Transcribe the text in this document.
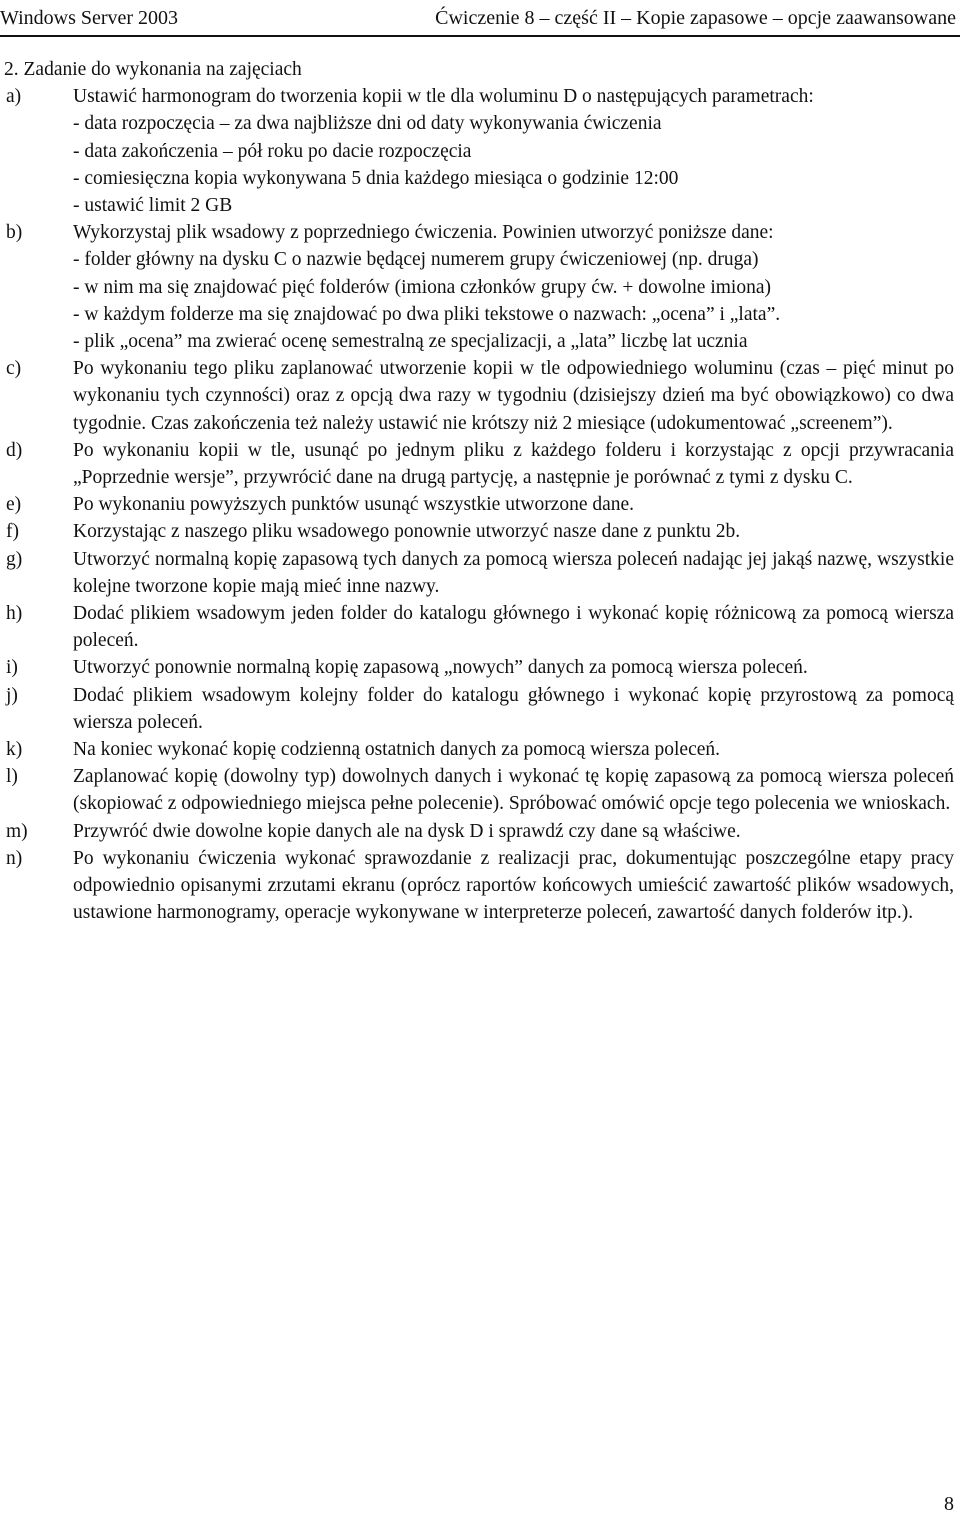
Windows Server 2003	Ćwiczenie 8 – część II – Kopie zapasowe – opcje zaawansowane

2. Zadanie do wykonania na zajęciach

a)	Ustawić harmonogram do tworzenia kopii w tle dla woluminu D o następujących parametrach:
- data rozpoczęcia – za dwa najbliższe dni od daty wykonywania ćwiczenia
- data zakończenia – pół roku po dacie rozpoczęcia
- comiesięczna kopia wykonywana 5 dnia każdego miesiąca o godzinie 12:00
- ustawić limit 2 GB
b)	Wykorzystaj plik wsadowy z poprzedniego ćwiczenia. Powinien utworzyć poniższe dane:
- folder główny na dysku C o nazwie będącej numerem grupy ćwiczeniowej (np. druga)
- w nim ma się znajdować pięć folderów (imiona członków grupy ćw. + dowolne imiona)
- w każdym folderze ma się znajdować po dwa pliki tekstowe o nazwach: „ocena” i „lata”.
- plik „ocena” ma zwierać ocenę semestralną ze specjalizacji, a „lata” liczbę lat ucznia
c)	Po wykonaniu tego pliku zaplanować utworzenie kopii w tle odpowiedniego woluminu (czas – pięć minut po wykonaniu tych czynności) oraz z opcją dwa razy w tygodniu (dzisiejszy dzień ma być obowiązkowo) co dwa tygodnie. Czas zakończenia też należy ustawić nie krótszy niż 2 miesiące (udokumentować „screenem”).
d)	Po wykonaniu kopii w tle, usunąć po jednym pliku z każdego folderu i korzystając z opcji przywracania „Poprzednie wersje”, przywrócić dane na drugą partycję, a następnie je porównać z tymi z dysku C.
e)	Po wykonaniu powyższych punktów usunąć wszystkie utworzone dane.
f)	Korzystając z naszego pliku wsadowego ponownie utworzyć nasze dane z punktu 2b.
g)	Utworzyć normalną kopię zapasową tych danych za pomocą wiersza poleceń nadając jej jakąś nazwę, wszystkie kolejne tworzone kopie mają mieć inne nazwy.
h)	Dodać plikiem wsadowym jeden folder do katalogu głównego i wykonać kopię różnicową za pomocą wiersza poleceń.
i)	Utworzyć ponownie normalną kopię zapasową „nowych” danych za pomocą wiersza poleceń.
j)	Dodać plikiem wsadowym kolejny folder do katalogu głównego i wykonać kopię przyrostową za pomocą wiersza poleceń.
k)	Na koniec wykonać kopię codzienną ostatnich danych za pomocą wiersza poleceń.
l)	Zaplanować kopię (dowolny typ) dowolnych danych i wykonać tę kopię zapasową za pomocą wiersza poleceń (skopiować z odpowiedniego miejsca pełne polecenie). Spróbować omówić opcje tego polecenia we wnioskach.
m) Przywróć dwie dowolne kopie danych ale na dysk D i sprawdź czy dane są właściwe.
n)	Po wykonaniu ćwiczenia wykonać sprawozdanie z realizacji prac, dokumentując poszczególne etapy pracy odpowiednio opisanymi zrzutami ekranu (oprócz raportów końcowych umieścić zawartość plików wsadowych, ustawione harmonogramy, operacje wykonywane w interpreterze poleceń, zawartość danych folderów itp.).
8
